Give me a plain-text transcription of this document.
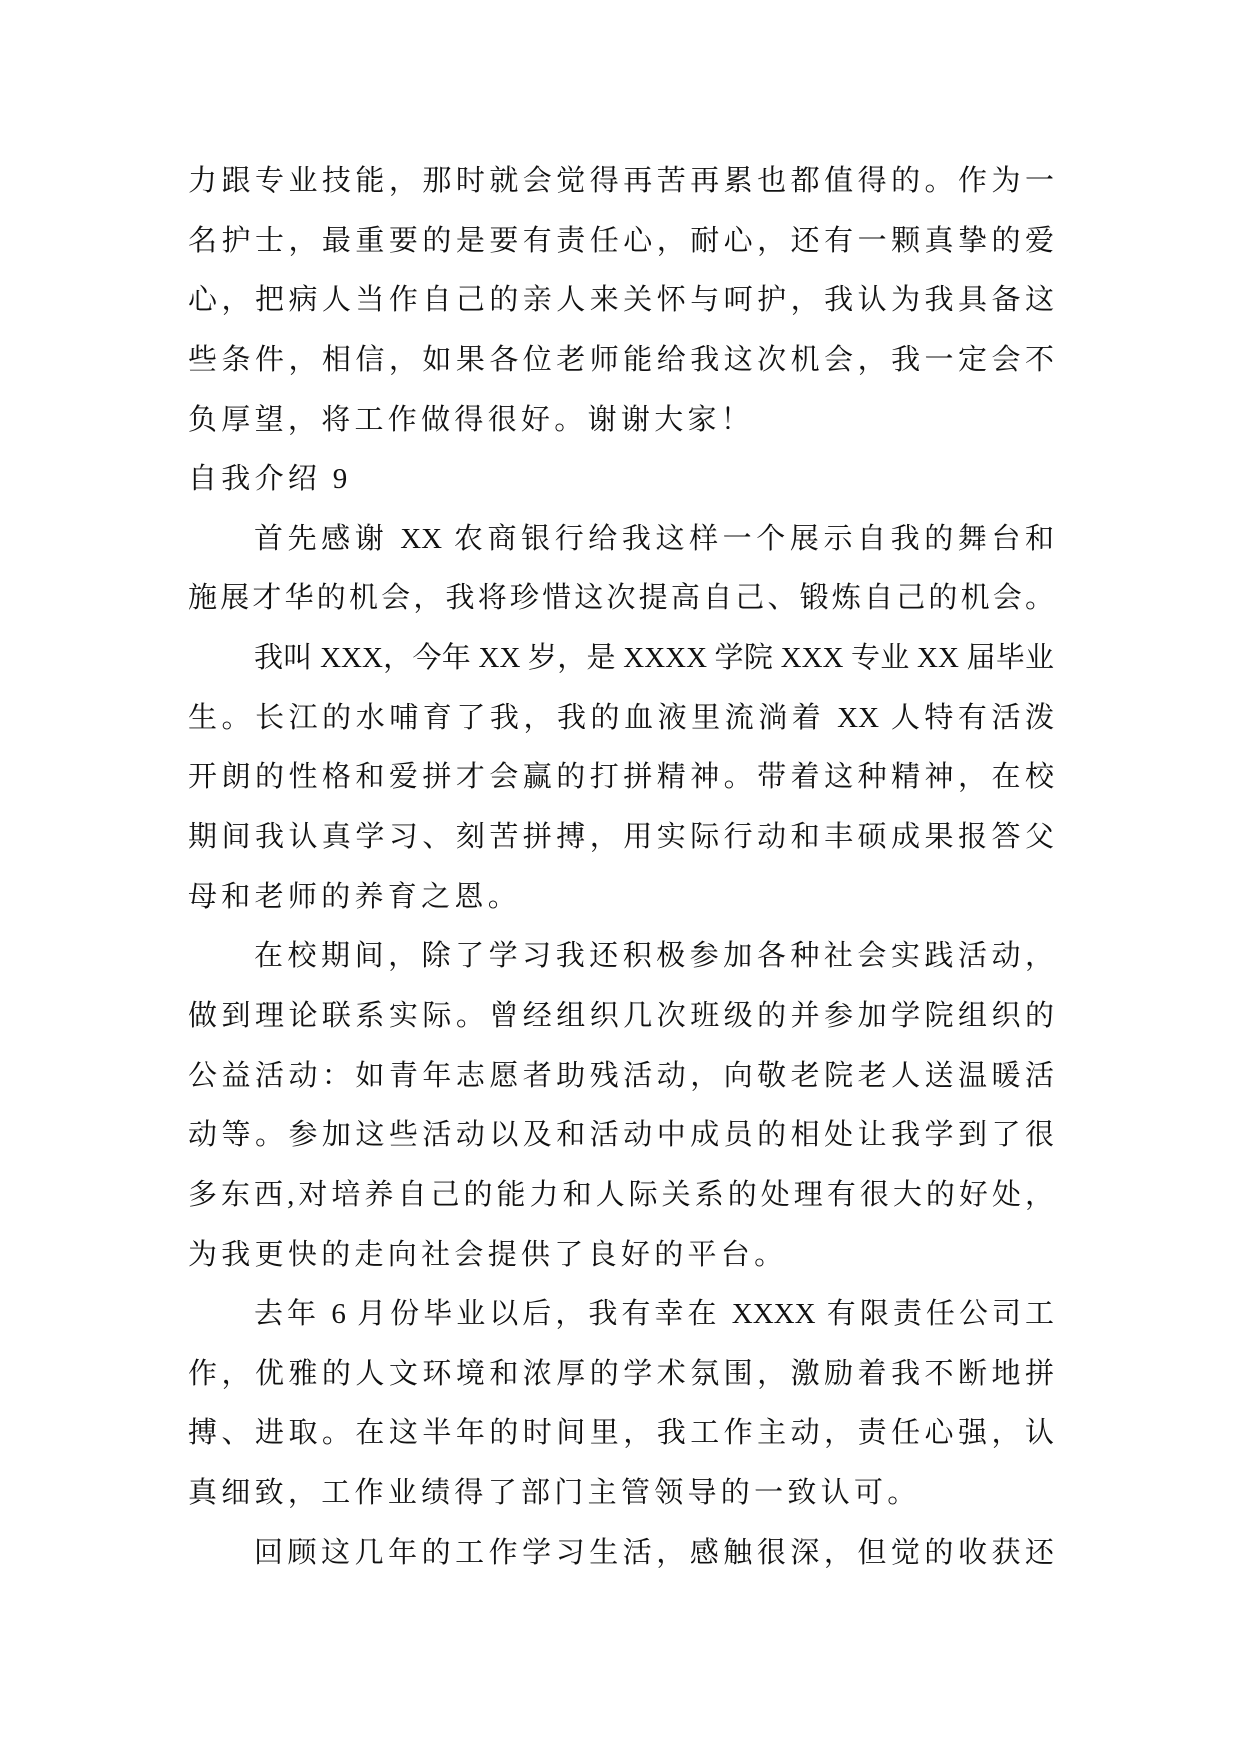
力跟专业技能，那时就会觉得再苦再累也都值得的。作为一
名护士，最重要的是要有责任心，耐心，还有一颗真挚的爱
心，把病人当作自己的亲人来关怀与呵护，我认为我具备这
些条件，相信，如果各位老师能给我这次机会，我一定会不
负厚望，将工作做得很好。谢谢大家！
自我介绍 9
首先感谢 XX 农商银行给我这样一个展示自我的舞台和
施展才华的机会，我将珍惜这次提高自己、锻炼自己的机会。
我叫 XXX，今年 XX 岁，是 XXXX 学院 XXX 专业 XX 届毕业
生。长江的水哺育了我，我的血液里流淌着 XX 人特有活泼
开朗的性格和爱拼才会赢的打拼精神。带着这种精神，在校
期间我认真学习、刻苦拼搏，用实际行动和丰硕成果报答父
母和老师的养育之恩。
在校期间，除了学习我还积极参加各种社会实践活动，
做到理论联系实际。曾经组织几次班级的并参加学院组织的
公益活动：如青年志愿者助残活动，向敬老院老人送温暖活
动等。参加这些活动以及和活动中成员的相处让我学到了很
多东西,对培养自己的能力和人际关系的处理有很大的好处，
为我更快的走向社会提供了良好的平台。
去年 6 月份毕业以后，我有幸在 XXXX 有限责任公司工
作，优雅的人文环境和浓厚的学术氛围，激励着我不断地拼
搏、进取。在这半年的时间里，我工作主动，责任心强，认
真细致，工作业绩得了部门主管领导的一致认可。
回顾这几年的工作学习生活，感触很深，但觉的收获还
